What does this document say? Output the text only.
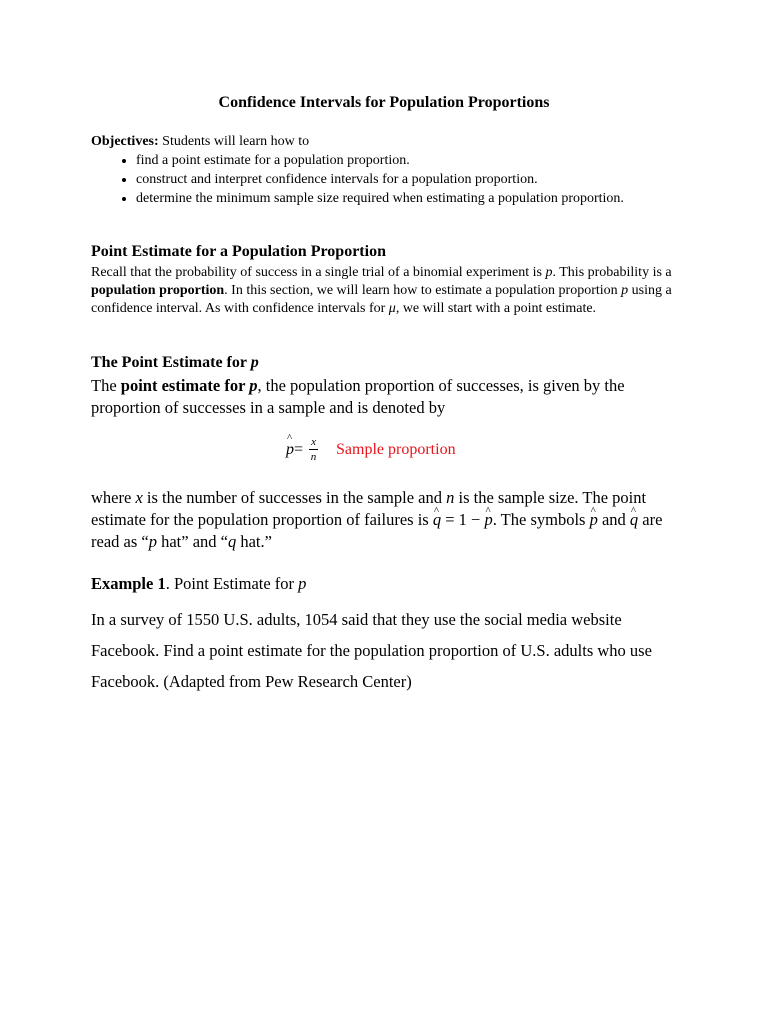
Confidence Intervals for Population Proportions
Objectives: Students will learn how to
• find a point estimate for a population proportion.
• construct and interpret confidence intervals for a population proportion.
• determine the minimum sample size required when estimating a population proportion.
Point Estimate for a Population Proportion
Recall that the probability of success in a single trial of a binomial experiment is p. This probability is a population proportion. In this section, we will learn how to estimate a population proportion p using a confidence interval. As with confidence intervals for μ, we will start with a point estimate.
The Point Estimate for p
The point estimate for p, the population proportion of successes, is given by the proportion of successes in a sample and is denoted by
^ $p = \frac{x}{n}$ Sample proportion
where x is the number of successes in the sample and n is the sample size. The point estimate for the population proportion of failures is ^ q = 1 − ^ p. The symbols ^ p and ^ q are read as “p hat” and “q hat.”
Example 1. Point Estimate for p
In a survey of 1550 U.S. adults, 1054 said that they use the social media website Facebook. Find a point estimate for the population proportion of U.S. adults who use Facebook. (Adapted from Pew Research Center)
